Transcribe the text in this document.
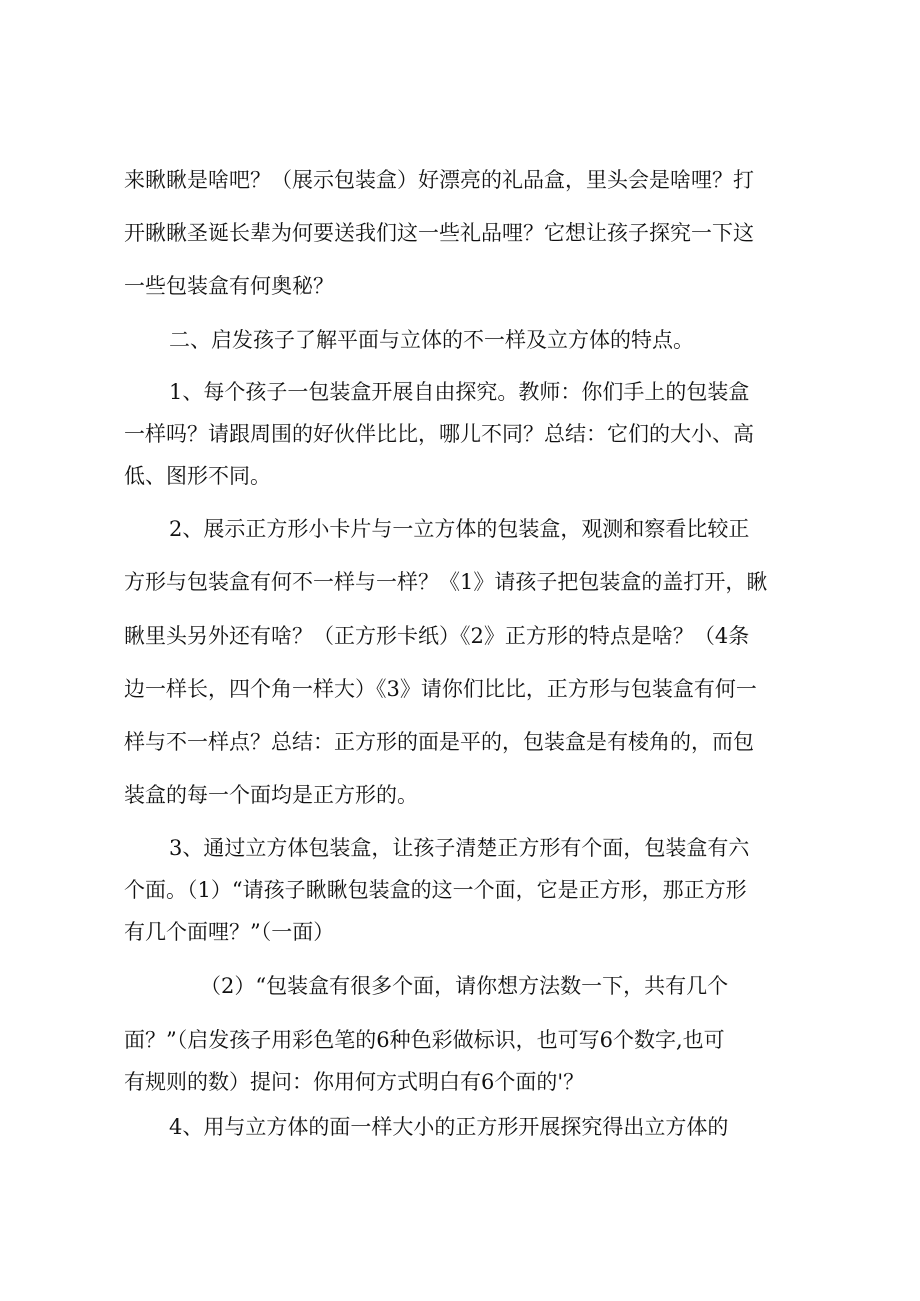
来瞅瞅是啥吧？（展示包装盒）好漂亮的礼品盒，里头会是啥哩？打
开瞅瞅圣诞长辈为何要送我们这一些礼品哩？它想让孩子探究一下这
一些包装盒有何奥秘？
二、启发孩子了解平面与立体的不一样及立方体的特点。
1、每个孩子一包装盒开展自由探究。教师：你们手上的包装盒
一样吗？请跟周围的好伙伴比比，哪儿不同？总结：它们的大小、高
低、图形不同。
2、展示正方形小卡片与一立方体的包装盒，观测和察看比较正
方形与包装盒有何不一样与一样？《1》请孩子把包装盒的盖打开，瞅
瞅里头另外还有啥？（正方形卡纸）《2》正方形的特点是啥？（4条
边一样长，四个角一样大）《3》请你们比比，正方形与包装盒有何一
样与不一样点？总结：正方形的面是平的，包装盒是有棱角的，而包
装盒的每一个面均是正方形的。
3、通过立方体包装盒，让孩子清楚正方形有个面，包装盒有六
个面。（1）“请孩子瞅瞅包装盒的这一个面，它是正方形，那正方形
有几个面哩？”（一面）
（2）“包装盒有很多个面，请你想方法数一下，共有几个
面？”（启发孩子用彩色笔的6种色彩做标识，也可写6个数字,也可
有规则的数）提问：你用何方式明白有6个面的'？
4、用与立方体的面一样大小的正方形开展探究得出立方体的
